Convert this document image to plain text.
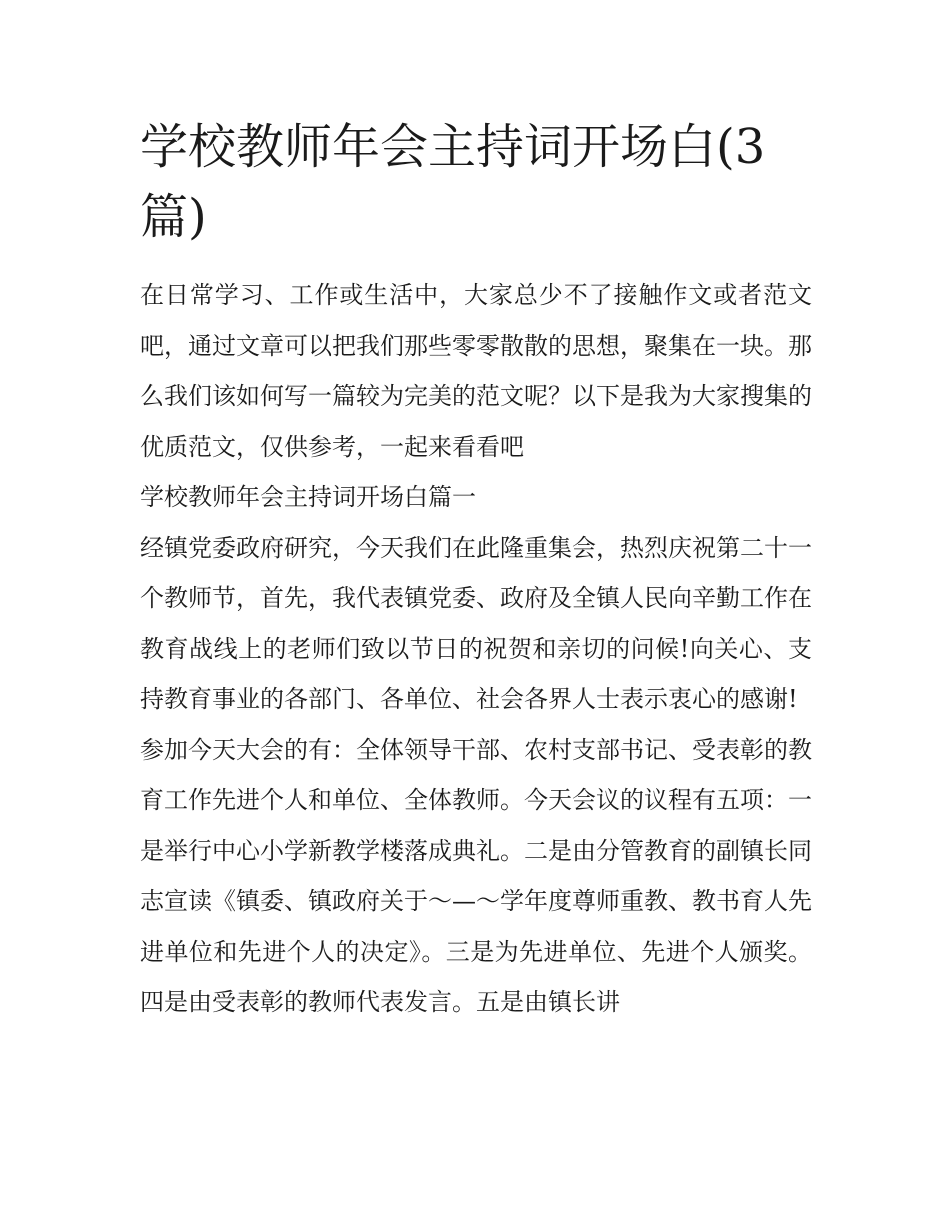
学校教师年会主持词开场白(3篇)

在日常学习、工作或生活中，大家总少不了接触作文或者范文吧，通过文章可以把我们那些零零散散的思想，聚集在一块。那么我们该如何写一篇较为完美的范文呢？以下是我为大家搜集的优质范文，仅供参考，一起来看看吧

学校教师年会主持词开场白篇一

经镇党委政府研究，今天我们在此隆重集会，热烈庆祝第二十一个教师节，首先，我代表镇党委、政府及全镇人民向辛勤工作在教育战线上的老师们致以节日的祝贺和亲切的问候!向关心、支持教育事业的各部门、各单位、社会各界人士表示衷心的感谢!

参加今天大会的有：全体领导干部、农村支部书记、受表彰的教育工作先进个人和单位、全体教师。今天会议的议程有五项：一是举行中心小学新教学楼落成典礼。二是由分管教育的副镇长同志宣读《镇委、镇政府关于～—～学年度尊师重教、教书育人先进单位和先进个人的决定》。三是为先进单位、先进个人颁奖。四是由受表彰的教师代表发言。五是由镇长讲
